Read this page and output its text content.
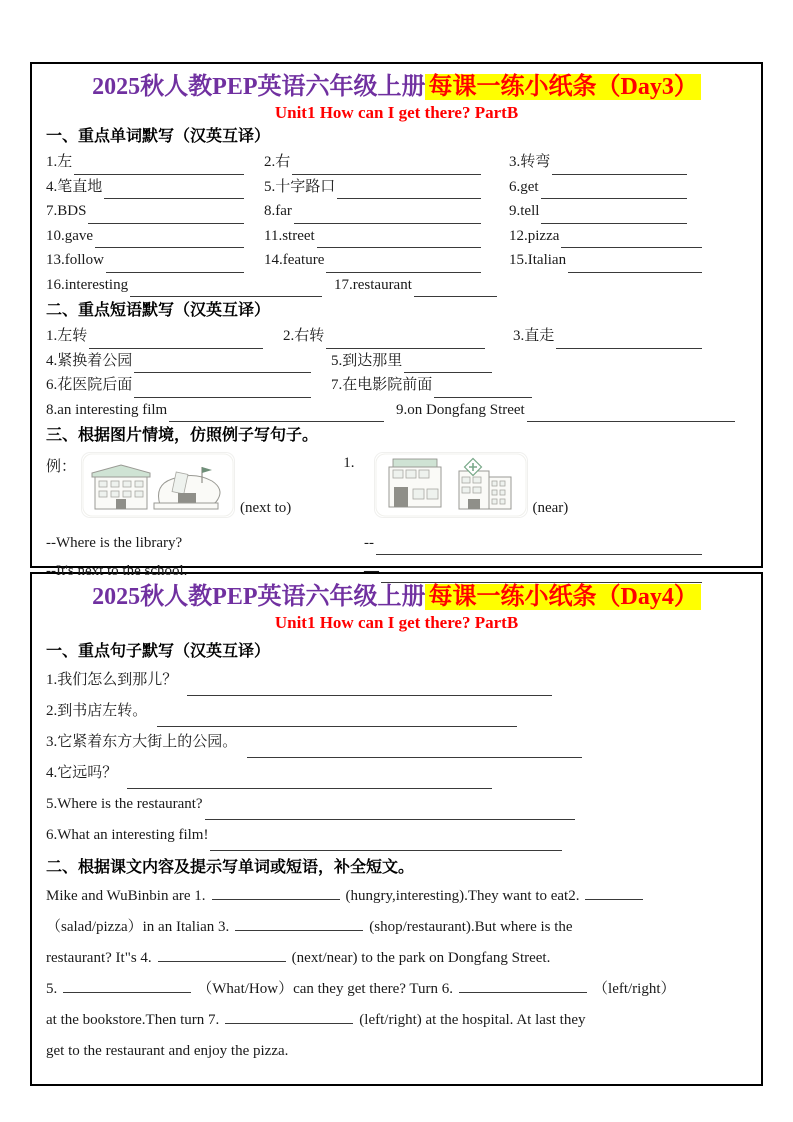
2025秋人教PEP英语六年级上册 每课一练小纸条（Day3）
Unit1 How can I get there? PartB
一、重点单词默写（汉英互译）
1.左	2.右	3.转弯
4.笔直地	5.十字路口	6.get
7.BDS	8.far	9.tell
10.gave	11.street	12.pizza
13.follow	14.feature	15.Italian
16.interesting	17.restaurant
二、重点短语默写（汉英互译）
1.左转	2.右转	3.直走
4.紧换着公园	5.到达那里
6.花医院后面	7.在电影院前面
8.an interesting film	9.on Dongfang Street
三、根据图片情境，仿照例子写句子。
例：
(next to)
1.
(near)
--Where is the library?	--
--It's next to the school.	—
2025秋人教PEP英语六年级上册 每课一练小纸条（Day4）
Unit1 How can I get there? PartB
一、重点句子默写（汉英互译）
1.我们怎么到那儿？
2.到书店左转。
3.它紧着东方大街上的公园。
4.它远吗？
5.Where is the restaurant?
6.What an interesting film!
二、根据课文内容及提示写单词或短语，补全短文。
Mike and WuBinbin are 1.	(hungry,interesting).They want to eat2.
（salad/pizza）in an Italian 3.	(shop/restaurant).But where is the
restaurant? It"s 4.	(next/near) to the park on Dongfang Street.
5.	（What/How）can they get there? Turn 6.	（left/right）
at the bookstore.Then turn 7.	(left/right) at the hospital. At last they
get to the restaurant and enjoy the pizza.
